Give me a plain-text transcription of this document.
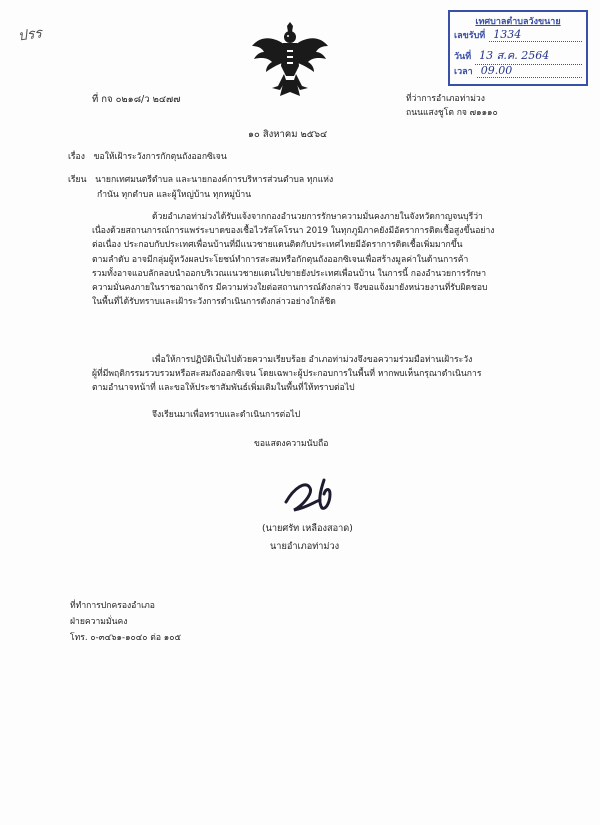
ปรร
เทศบาลตำบลวังขนาย
เลขรับที่ 1334
วันที่ 13 ส.ค. 2564
เวลา 09.00
ที่ กจ ๐๒๑๘/ว ๒๔๗๗	ที่ว่าการอำเภอท่าม่วง
ถนนแสงชูโต กจ ๗๑๑๑๐
๑๐ สิงหาคม ๒๕๖๔
เรื่อง ขอให้เฝ้าระวังการกักตุนถังออกซิเจน
เรียน นายกเทศมนตรีตำบล และนายกองค์การบริหารส่วนตำบล ทุกแห่ง
กำนัน ทุกตำบล และผู้ใหญ่บ้าน ทุกหมู่บ้าน
ด้วยอำเภอท่าม่วงได้รับแจ้งจากกองอำนวยการรักษาความมั่นคงภายในจังหวัดกาญจนบุรีว่า
เนื่องด้วยสถานการณ์การแพร่ระบาดของเชื้อไวรัสโคโรนา 2019 ในทุกภูมิภาคยังมีอัตราการติดเชื้อสูงขึ้นอย่าง
ต่อเนื่อง ประกอบกับประเทศเพื่อนบ้านที่มีแนวชายแดนติดกับประเทศไทยมีอัตราการติดเชื้อเพิ่มมากขึ้น
ตามลำดับ อาจมีกลุ่มผู้หวังผลประโยชน์ทำการสะสมหรือกักตุนถังออกซิเจนเพื่อสร้างมูลค่าในด้านการค้า
รวมทั้งอาจแอบลักลอบนำออกบริเวณแนวชายแดนไปขายยังประเทศเพื่อนบ้าน ในการนี้ กองอำนวยการรักษา
ความมั่นคงภายในราชอาณาจักร มีความห่วงใยต่อสถานการณ์ดังกล่าว จึงขอแจ้งมายังหน่วยงานที่รับผิดชอบ
ในพื้นที่ได้รับทราบและเฝ้าระวังการดำเนินการดังกล่าวอย่างใกล้ชิด
เพื่อให้การปฏิบัติเป็นไปด้วยความเรียบร้อย อำเภอท่าม่วงจึงขอความร่วมมือท่านเฝ้าระวัง
ผู้ที่มีพฤติกรรมรวบรวมหรือสะสมถังออกซิเจน โดยเฉพาะผู้ประกอบการในพื้นที่ หากพบเห็นกรุณาดำเนินการ
ตามอำนาจหน้าที่ และขอให้ประชาสัมพันธ์เพิ่มเติมในพื้นที่ให้ทราบต่อไป
จึงเรียนมาเพื่อทราบและดำเนินการต่อไป
ขอแสดงความนับถือ
(นายศรัท เหลืองสอาด)
นายอำเภอท่าม่วง
ที่ทำการปกครองอำเภอ
ฝ่ายความมั่นคง
โทร. ๐-๓๔๖๑-๑๐๔๐ ต่อ ๑๐๕
